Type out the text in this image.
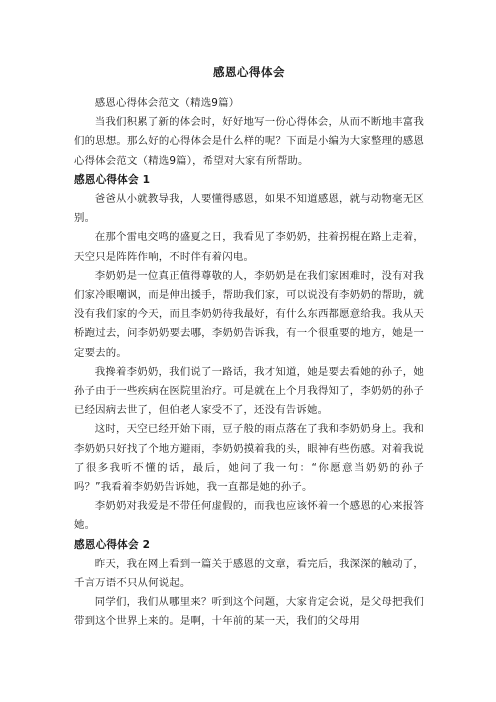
感恩心得体会

感恩心得体会范文（精选9篇）

当我们积累了新的体会时，好好地写一份心得体会，从而不断地丰富我们的思想。那么好的心得体会是什么样的呢？下面是小编为大家整理的感恩心得体会范文（精选9篇），希望对大家有所帮助。

感恩心得体会 1

爸爸从小就教导我，人要懂得感恩，如果不知道感恩，就与动物毫无区别。

在那个雷电交鸣的盛夏之日，我看见了李奶奶，拄着拐棍在路上走着，天空只是阵阵作响，不时伴有着闪电。

李奶奶是一位真正值得尊敬的人，李奶奶是在我们家困难时，没有对我们家冷眼嘲讽，而是伸出援手，帮助我们家，可以说没有李奶奶的帮助，就没有我们家的今天，而且李奶奶待我最好，有什么东西都愿意给我。我从天桥跑过去，问李奶奶要去哪，李奶奶告诉我，有一个很重要的地方，她是一定要去的。

我搀着李奶奶，我们说了一路话，我才知道，她是要去看她的孙子，她孙子由于一些疾病在医院里治疗。可是就在上个月我得知了，李奶奶的孙子已经因病去世了，但伯老人家受不了，还没有告诉她。

这时，天空已经开始下雨，豆子般的雨点落在了我和李奶奶身上。我和李奶奶只好找了个地方避雨，李奶奶摸着我的头，眼神有些伤感。对着我说了很多我听不懂的话，最后，她问了我一句：“你愿意当奶奶的孙子吗？”我看着李奶奶告诉她，我一直都是她的孙子。

李奶奶对我爱是不带任何虚假的，而我也应该怀着一个感恩的心来报答她。

感恩心得体会 2

昨天，我在网上看到一篇关于感恩的文章，看完后，我深深的触动了，千言万语不只从何说起。

同学们，我们从哪里来？听到这个问题，大家肯定会说，是父母把我们带到这个世界上来的。是啊，十年前的某一天，我们的父母用
